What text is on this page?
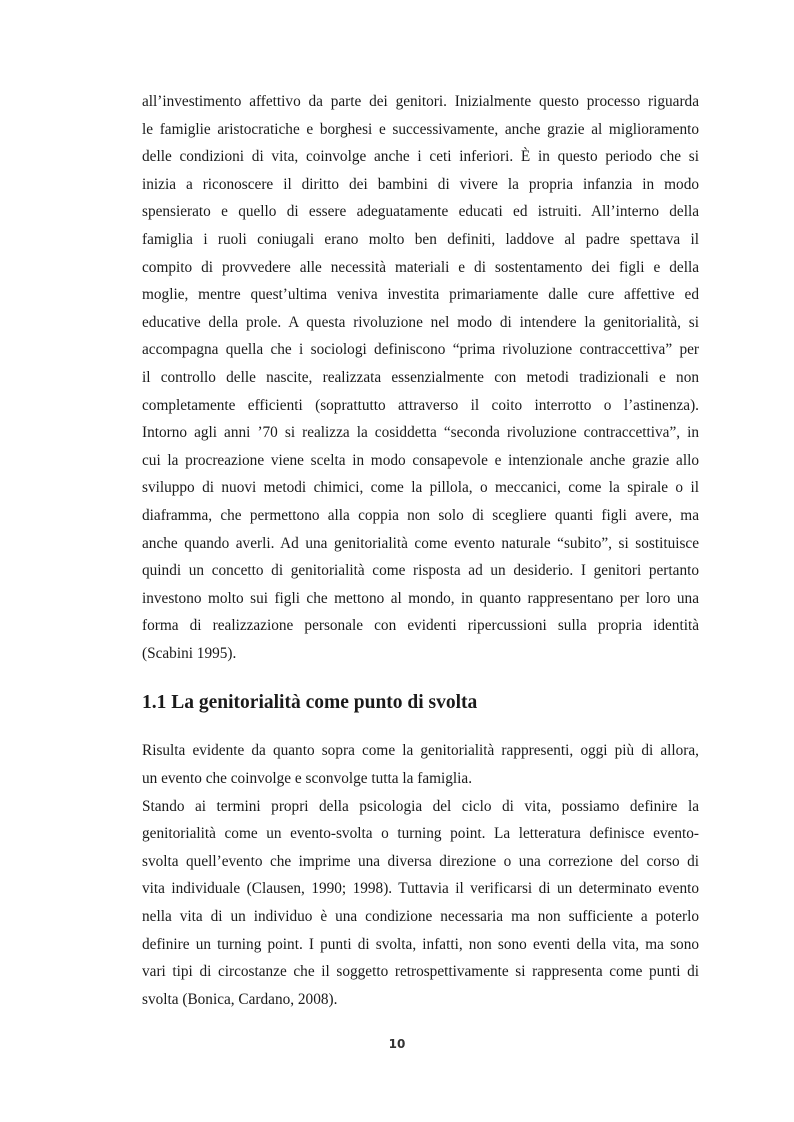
all’investimento affettivo da parte dei genitori. Inizialmente questo processo riguarda
le famiglie aristocratiche e borghesi e successivamente, anche grazie al miglioramento
delle condizioni di vita, coinvolge anche i ceti inferiori. È in questo periodo che si
inizia a riconoscere il diritto dei bambini di vivere la propria infanzia in modo
spensierato e quello di essere adeguatamente educati ed istruiti. All’interno della
famiglia i ruoli coniugali erano molto ben definiti, laddove al padre spettava il
compito di provvedere alle necessità materiali e di sostentamento dei figli e della
moglie, mentre quest’ultima veniva investita primariamente dalle cure affettive ed
educative della prole. A questa rivoluzione nel modo di intendere la genitorialità, si
accompagna quella che i sociologi definiscono “prima rivoluzione contraccettiva” per
il controllo delle nascite, realizzata essenzialmente con metodi tradizionali e non
completamente efficienti (soprattutto attraverso il coito interrotto o l’astinenza).
Intorno agli anni ’70 si realizza la cosiddetta “seconda rivoluzione contraccettiva”, in
cui la procreazione viene scelta in modo consapevole e intenzionale anche grazie allo
sviluppo di nuovi metodi chimici, come la pillola, o meccanici, come la spirale o il
diaframma, che permettono alla coppia non solo di scegliere quanti figli avere, ma
anche quando averli. Ad una genitorialità come evento naturale “subito”, si sostituisce
quindi un concetto di genitorialità come risposta ad un desiderio. I genitori pertanto
investono molto sui figli che mettono al mondo, in quanto rappresentano per loro una
forma di realizzazione personale con evidenti ripercussioni sulla propria identità
(Scabini 1995).
1.1 La genitorialità come punto di svolta
Risulta evidente da quanto sopra come la genitorialità rappresenti, oggi più di allora,
un evento che coinvolge e sconvolge tutta la famiglia.
Stando ai termini propri della psicologia del ciclo di vita, possiamo definire la
genitorialità come un evento-svolta o turning point. La letteratura definisce evento-
svolta quell’evento che imprime una diversa direzione o una correzione del corso di
vita individuale (Clausen, 1990; 1998). Tuttavia il verificarsi di un determinato evento
nella vita di un individuo è una condizione necessaria ma non sufficiente a poterlo
definire un turning point. I punti di svolta, infatti, non sono eventi della vita, ma sono
vari tipi di circostanze che il soggetto retrospettivamente si rappresenta come punti di
svolta (Bonica, Cardano, 2008).
10
